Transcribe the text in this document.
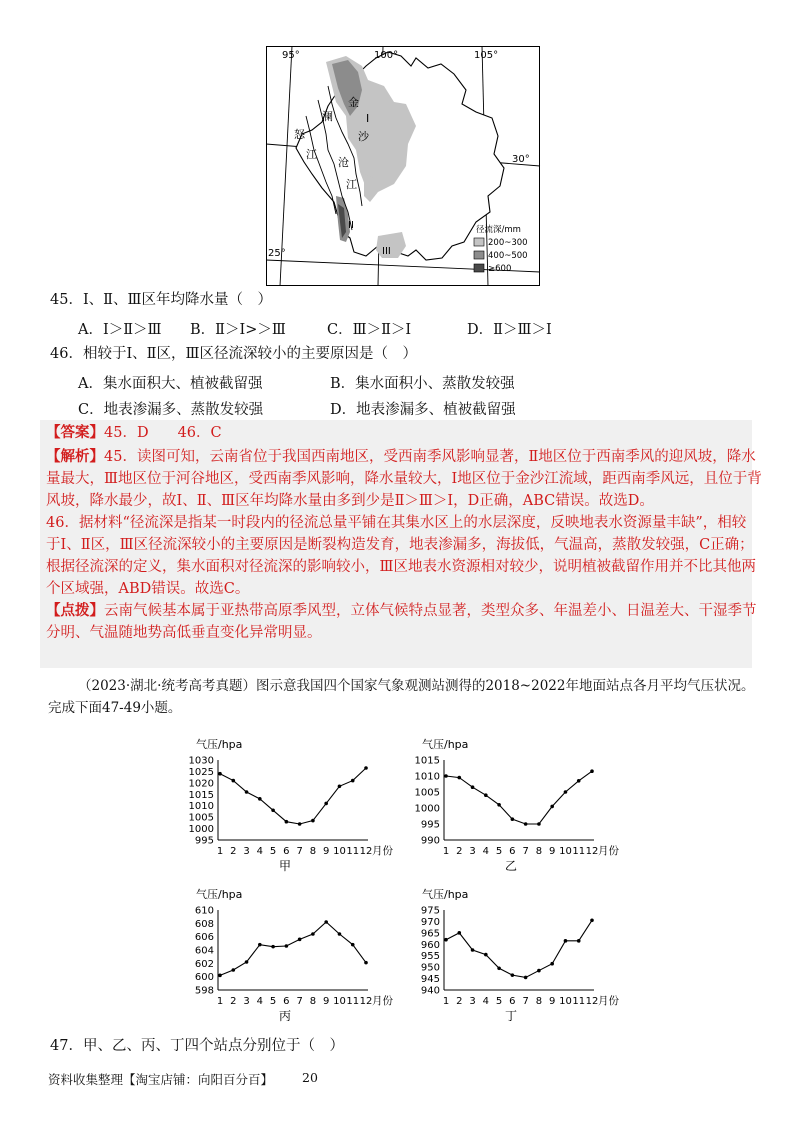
95°	100°	105°
30°
25°
金
沙
澜
沧
江
怒
江
I
II
III
径流深/mm
200~300
400~500
≥600
45．Ⅰ、Ⅱ、Ⅲ区年均降水量（　）
A．Ⅰ＞Ⅱ＞Ⅲ B．Ⅱ＞Ⅰ>＞Ⅲ	C．Ⅲ＞Ⅱ＞Ⅰ	D．Ⅱ＞Ⅲ＞Ⅰ
46．相较于Ⅰ、Ⅱ区，Ⅲ区径流深较小的主要原因是（　）
A．集水面积大、植被截留强	B．集水面积小、蒸散发较强
C．地表渗漏多、蒸散发较强	D．地表渗漏多、植被截留强
【答案】45．D　　46．C
【解析】45．读图可知，云南省位于我国西南地区，受西南季风影响显著，Ⅱ地区位于西南季风的迎风坡，降水
量最大，Ⅲ地区位于河谷地区，受西南季风影响，降水量较大，Ⅰ地区位于金沙江流域，距西南季风远，且位于背
风坡，降水最少，故Ⅰ、Ⅱ、Ⅲ区年均降水量由多到少是Ⅱ＞Ⅲ＞Ⅰ，D正确，ABC错误。故选D。
46．据材料“径流深是指某一时段内的径流总量平铺在其集水区上的水层深度，反映地表水资源量丰缺”，相较
于Ⅰ、Ⅱ区，Ⅲ区径流深较小的主要原因是断裂构造发育，地表渗漏多，海拔低，气温高，蒸散发较强，C正确；
根据径流深的定义，集水面积对径流深的影响较小，Ⅲ区地表水资源相对较少，说明植被截留作用并不比其他两
个区域强，ABD错误。故选C。
【点拨】云南气候基本属于亚热带高原季风型，立体气候特点显著，类型众多、年温差小、日温差大、干湿季节
分明、气温随地势高低垂直变化异常明显。
（2023·湖北·统考高考真题）图示意我国四个国家气象观测站测得的2018~2022年地面站点各月平均气压状况。
完成下面47-49小题。
气压/hpa
995
1000
1005
1010
1015
1020
1025
1030
1 2 3 4 5 6 7 8 9 10 11 12 月份
甲
气压/hpa
990
995
1000
1005
1010
1015
1 2 3 4 5 6 7 8 9 10 11 12 月份
乙
气压/hpa
598
600
602
604
606
608
610
1 2 3 4 5 6 7 8 9 10 11 12 月份
丙
气压/hpa
940
945
950
955
960
965
970
975
1 2 3 4 5 6 7 8 9 10 11 12 月份
丁
47．甲、乙、丙、丁四个站点分别位于（　）
资料收集整理【淘宝店铺：向阳百分百】 20
